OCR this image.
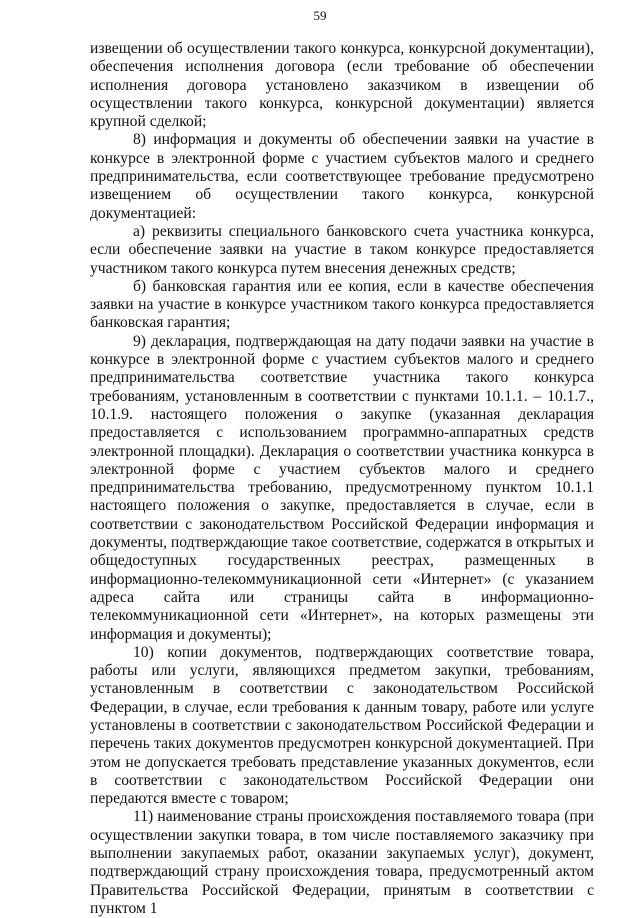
59

извещении об осуществлении такого конкурса, конкурсной документации), обеспечения исполнения договора (если требование об обеспечении исполнения договора установлено заказчиком в извещении об осуществлении такого конкурса, конкурсной документации) является крупной сделкой;

8) информация и документы об обеспечении заявки на участие в конкурсе в электронной форме с участием субъектов малого и среднего предпринимательства, если соответствующее требование предусмотрено извещением об осуществлении такого конкурса, конкурсной документацией:

а) реквизиты специального банковского счета участника конкурса, если обеспечение заявки на участие в таком конкурсе предоставляется участником такого конкурса путем внесения денежных средств;

б) банковская гарантия или ее копия, если в качестве обеспечения заявки на участие в конкурсе участником такого конкурса предоставляется банковская гарантия;

9) декларация, подтверждающая на дату подачи заявки на участие в конкурсе в электронной форме с участием субъектов малого и среднего предпринимательства соответствие участника такого конкурса требованиям, установленным в соответствии с пунктами 10.1.1. – 10.1.7., 10.1.9. настоящего положения о закупке (указанная декларация предоставляется с использованием программно-аппаратных средств электронной площадки). Декларация о соответствии участника конкурса в электронной форме с участием субъектов малого и среднего предпринимательства требованию, предусмотренному пунктом 10.1.1 настоящего положения о закупке, предоставляется в случае, если в соответствии с законодательством Российской Федерации информация и документы, подтверждающие такое соответствие, содержатся в открытых и общедоступных государственных реестрах, размещенных в информационно-телекоммуникационной сети «Интернет» (с указанием адреса сайта или страницы сайта в информационно-телекоммуникационной сети «Интернет», на которых размещены эти информация и документы);

10) копии документов, подтверждающих соответствие товара, работы или услуги, являющихся предметом закупки, требованиям, установленным в соответствии с законодательством Российской Федерации, в случае, если требования к данным товару, работе или услуге установлены в соответствии с законодательством Российской Федерации и перечень таких документов предусмотрен конкурсной документацией. При этом не допускается требовать представление указанных документов, если в соответствии с законодательством Российской Федерации они передаются вместе с товаром;

11) наименование страны происхождения поставляемого товара (при осуществлении закупки товара, в том числе поставляемого заказчику при выполнении закупаемых работ, оказании закупаемых услуг), документ, подтверждающий страну происхождения товара, предусмотренный актом Правительства Российской Федерации, принятым в соответствии с пунктом 1
